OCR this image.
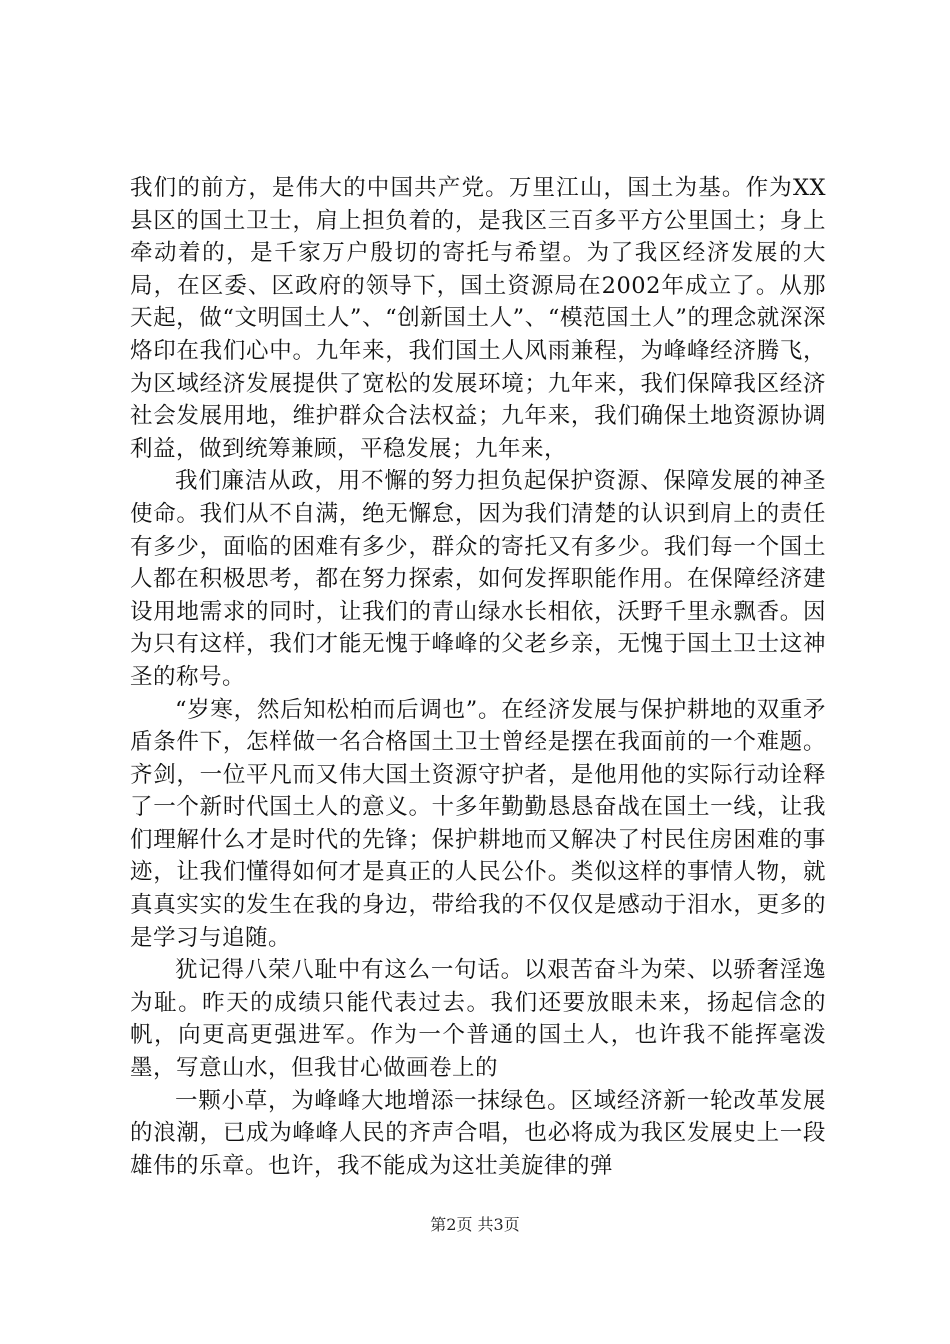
我们的前方，是伟大的中国共产党。万里江山，国土为基。作为XX县区的国土卫士，肩上担负着的，是我区三百多平方公里国土；身上牵动着的，是千家万户殷切的寄托与希望。为了我区经济发展的大局，在区委、区政府的领导下，国土资源局在2002年成立了。从那天起，做“文明国土人”、“创新国土人”、“模范国土人”的理念就深深烙印在我们心中。九年来，我们国土人风雨兼程，为峰峰经济腾飞，为区域经济发展提供了宽松的发展环境；九年来，我们保障我区经济社会发展用地，维护群众合法权益；九年来，我们确保土地资源协调利益，做到统筹兼顾，平稳发展；九年来，

我们廉洁从政，用不懈的努力担负起保护资源、保障发展的神圣使命。我们从不自满，绝无懈怠，因为我们清楚的认识到肩上的责任有多少，面临的困难有多少，群众的寄托又有多少。我们每一个国土人都在积极思考，都在努力探索，如何发挥职能作用。在保障经济建设用地需求的同时，让我们的青山绿水长相依，沃野千里永飘香。因为只有这样，我们才能无愧于峰峰的父老乡亲，无愧于国土卫士这神圣的称号。

“岁寒，然后知松柏而后调也”。在经济发展与保护耕地的双重矛盾条件下，怎样做一名合格国土卫士曾经是摆在我面前的一个难题。齐剑，一位平凡而又伟大国土资源守护者，是他用他的实际行动诠释了一个新时代国土人的意义。十多年勤勤恳恳奋战在国土一线，让我们理解什么才是时代的先锋；保护耕地而又解决了村民住房困难的事迹，让我们懂得如何才是真正的人民公仆。类似这样的事情人物，就真真实实的发生在我的身边，带给我的不仅仅是感动于泪水，更多的是学习与追随。

犹记得八荣八耻中有这么一句话。以艰苦奋斗为荣、以骄奢淫逸为耻。昨天的成绩只能代表过去。我们还要放眼未来，扬起信念的帆，向更高更强进军。作为一个普通的国土人，也许我不能挥毫泼墨，写意山水，但我甘心做画卷上的

一颗小草，为峰峰大地增添一抹绿色。区域经济新一轮改革发展的浪潮，已成为峰峰人民的齐声合唱，也必将成为我区发展史上一段雄伟的乐章。也许，我不能成为这壮美旋律的弹

第2页 共3页
